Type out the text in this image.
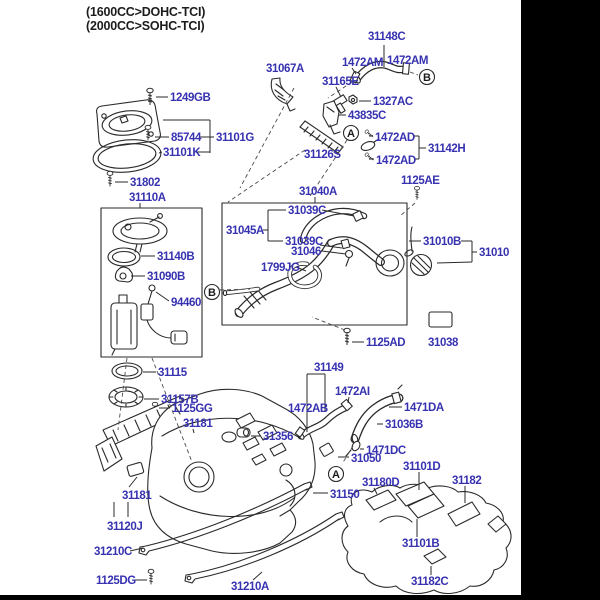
(1600CC>DOHC-TCI)
(2000CC>SOHC-TCI)
1249GB
85744 31101G
31101K
31802
31110A
31140B
31090B
94460
31067A
31148C
1472AM 1472AM
31165E
1327AC
43835C
31126S
1472AD
1472AD
31142H
1125AE
31040A
31039C
31045A
31039C
31046
1799JG
31010B
31010
1125AD 31038
31115
31157B
1125GG
31181
31356
31149
1472AI
1472AB	1471DA
31036B
1471DC
31050
31150
31181
31120J
31210C
1125DG	31210A
31180D
31101D
31182
31101B
31182C
B
B
A
A
